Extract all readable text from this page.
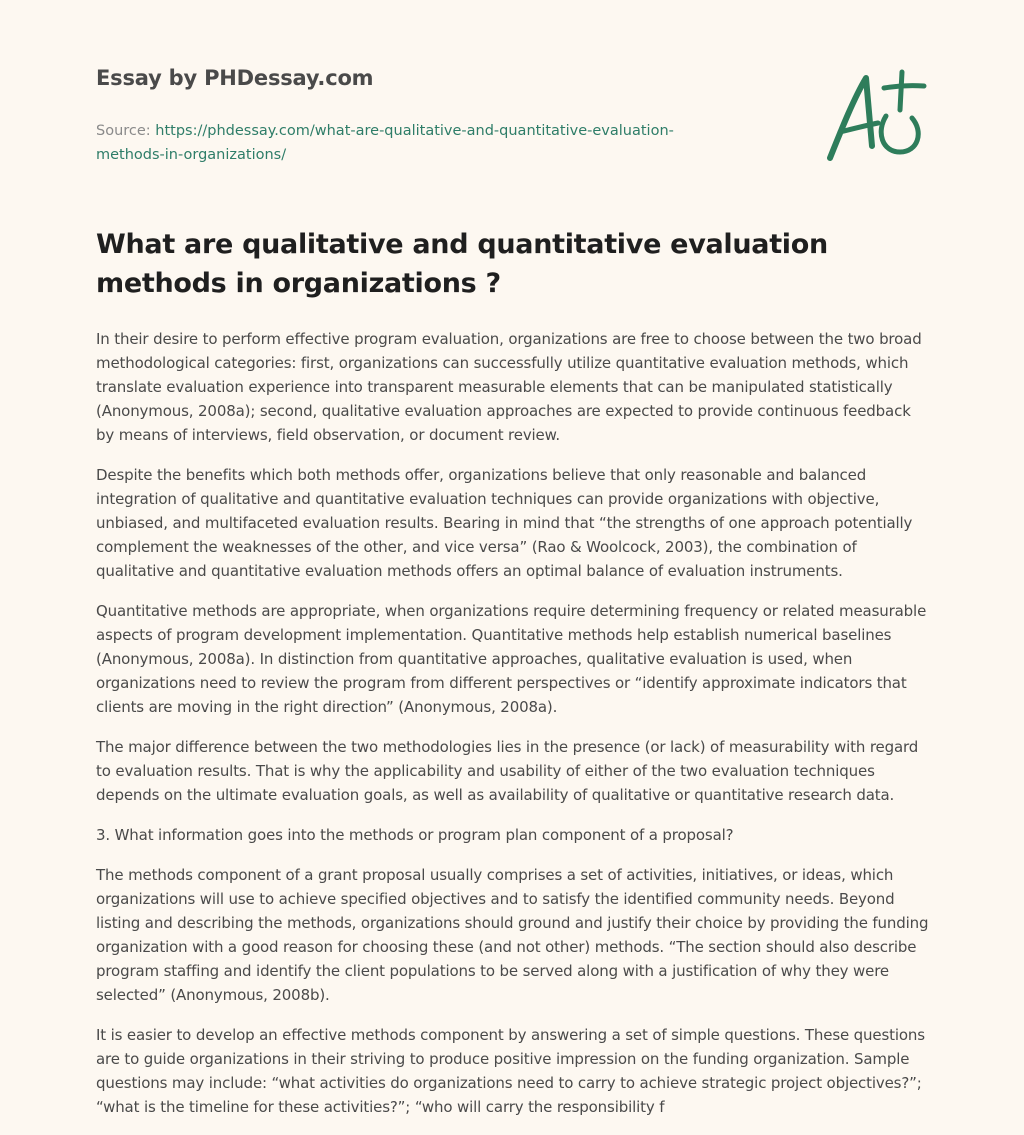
Essay by PHDessay.com
Source: https://phdessay.com/what-are-qualitative-and-quantitative-evaluation-
methods-in-organizations/
What are qualitative and quantitative evaluation methods in organizations ?

In their desire to perform effective program evaluation, organizations are free to choose between the two broad methodological categories: first, organizations can successfully utilize quantitative evaluation methods, which translate evaluation experience into transparent measurable elements that can be manipulated statistically (Anonymous, 2008a); second, qualitative evaluation approaches are expected to provide continuous feedback by means of interviews, field observation, or document review.

Despite the benefits which both methods offer, organizations believe that only reasonable and balanced integration of qualitative and quantitative evaluation techniques can provide organizations with objective, unbiased, and multifaceted evaluation results. Bearing in mind that “the strengths of one approach potentially complement the weaknesses of the other, and vice versa” (Rao & Woolcock, 2003), the combination of qualitative and quantitative evaluation methods offers an optimal balance of evaluation instruments.

Quantitative methods are appropriate, when organizations require determining frequency or related measurable aspects of program development implementation. Quantitative methods help establish numerical baselines (Anonymous, 2008a). In distinction from quantitative approaches, qualitative evaluation is used, when organizations need to review the program from different perspectives or “identify approximate indicators that clients are moving in the right direction” (Anonymous, 2008a).

The major difference between the two methodologies lies in the presence (or lack) of measurability with regard to evaluation results. That is why the applicability and usability of either of the two evaluation techniques depends on the ultimate evaluation goals, as well as availability of qualitative or quantitative research data.

3. What information goes into the methods or program plan component of a proposal?

The methods component of a grant proposal usually comprises a set of activities, initiatives, or ideas, which organizations will use to achieve specified objectives and to satisfy the identified community needs. Beyond listing and describing the methods, organizations should ground and justify their choice by providing the funding organization with a good reason for choosing these (and not other) methods. “The section should also describe program staffing and identify the client populations to be served along with a justification of why they were selected” (Anonymous, 2008b).

It is easier to develop an effective methods component by answering a set of simple questions. These questions are to guide organizations in their striving to produce positive impression on the funding organization. Sample questions may include: “what activities do organizations need to carry to achieve strategic project objectives?”; “what is the timeline for these activities?”; “who will carry the responsibility f
